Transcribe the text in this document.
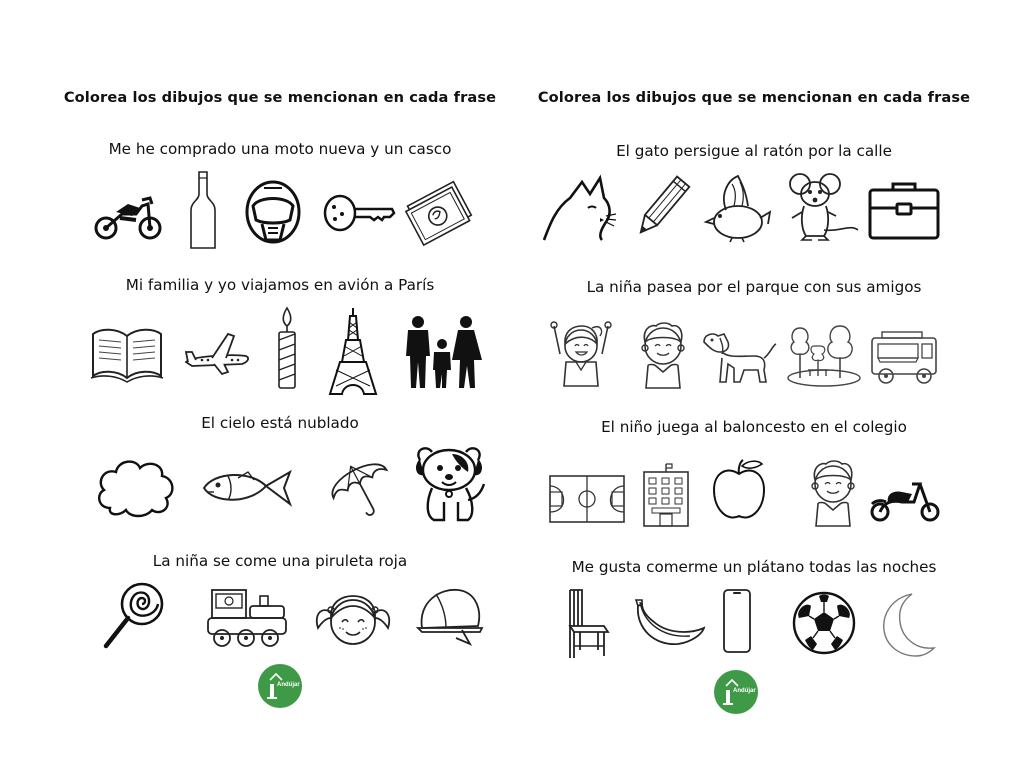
Colorea los dibujos que se mencionan en cada frase
Me he comprado una moto nueva y un casco
Mi familia y yo viajamos en avión a París
El cielo está nublado
La niña se come una piruleta roja
Andújar
Colorea los dibujos que se mencionan en cada frase
El gato persigue al ratón por la calle
La niña pasea por el parque con sus amigos
El niño juega al baloncesto en el colegio
Me gusta comerme un plátano todas las noches
Andújar
